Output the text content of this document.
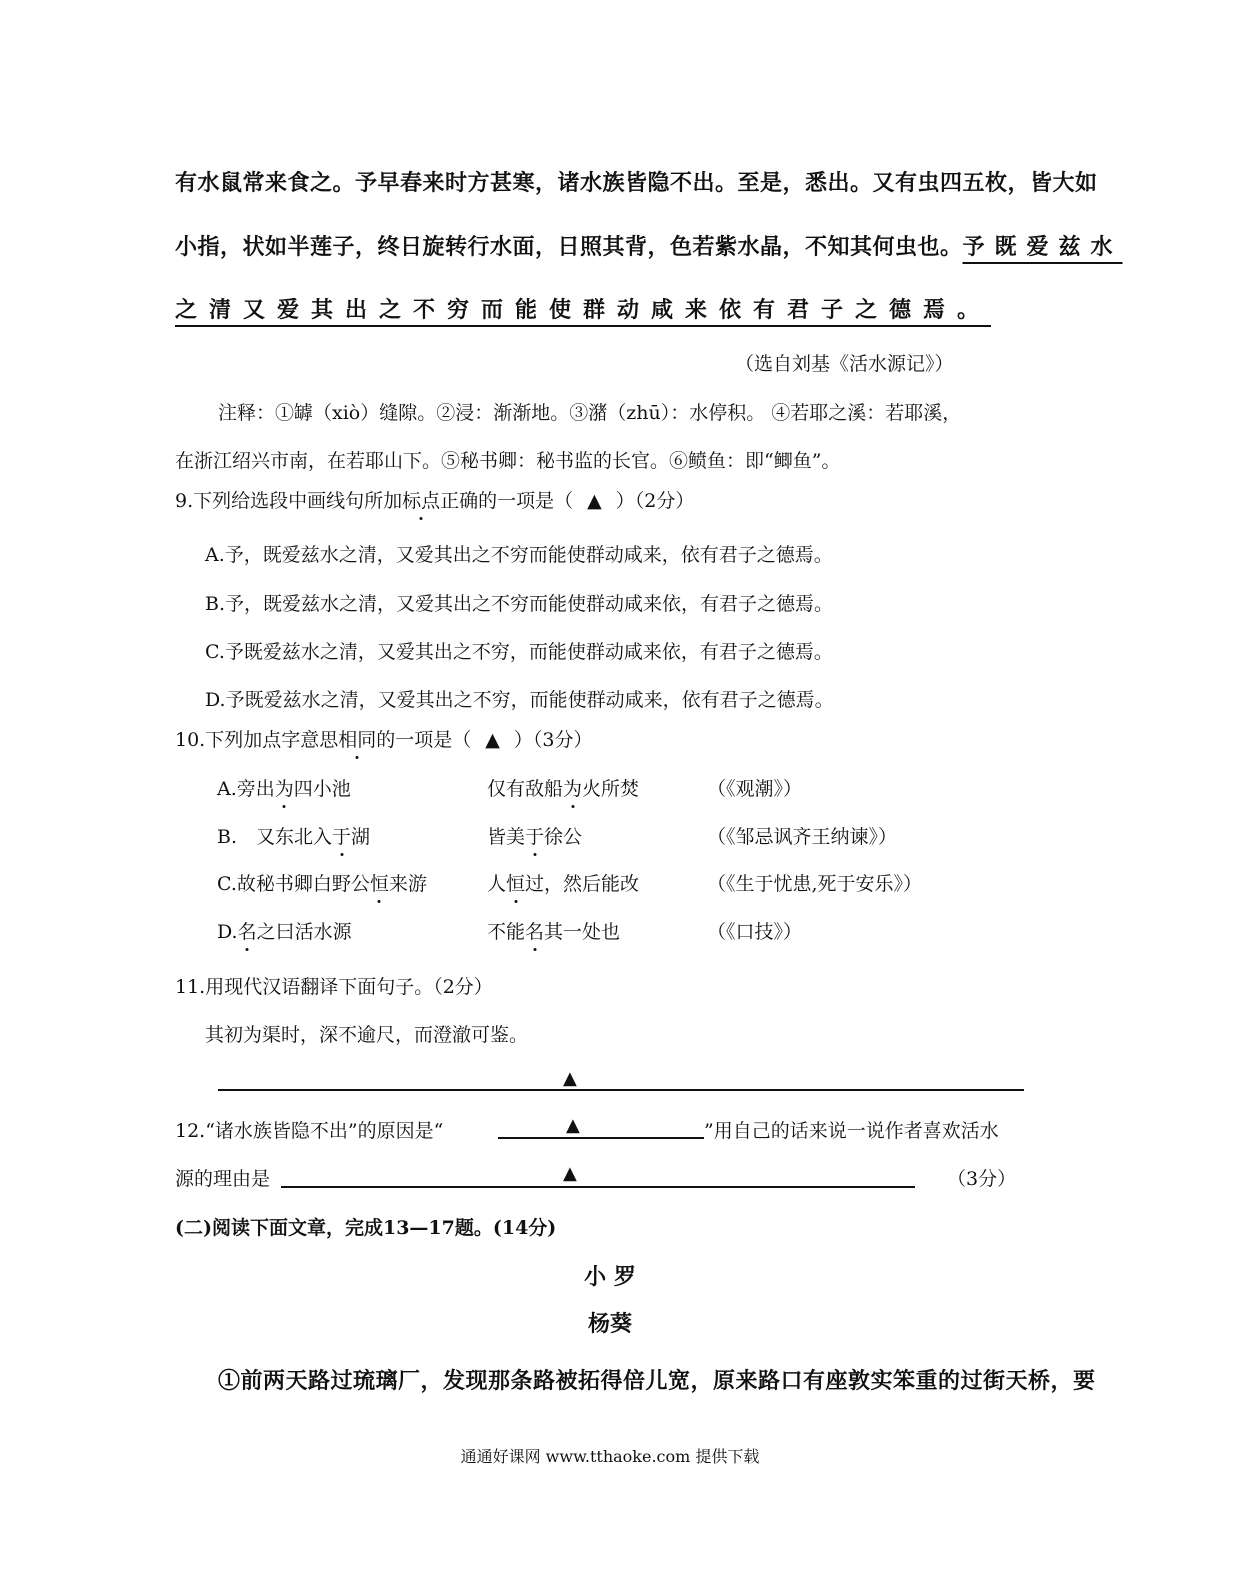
有水鼠常来食之。予早春来时方甚寒，诸水族皆隐不出。至是，悉出。又有虫四五枚，皆大如
小指，状如半莲子，终日旋转行水面，日照其背，色若紫水晶，不知其何虫也。予既爱兹水
之清又爱其出之不穷而能使群动咸来依有君子之德焉。
（选自刘基《活水源记》）
注释：①罅（xiò）缝隙。②浸：渐渐地。③潴（zhū）：水停积。 ④若耶之溪：若耶溪，
在浙江绍兴市南，在若耶山下。⑤秘书卿：秘书监的长官。⑥鲼鱼：即“鲫鱼”。
9.下列给选段中画线句所加标点正确的一项是（ ▲ ）（2分）
A.予，既爱兹水之清，又爱其出之不穷而能使群动咸来，依有君子之德焉。
B.予，既爱兹水之清，又爱其出之不穷而能使群动咸来依，有君子之德焉。
C.予既爱兹水之清，又爱其出之不穷，而能使群动咸来依，有君子之德焉。
D.予既爱兹水之清，又爱其出之不穷，而能使群动咸来，依有君子之德焉。
10.下列加点字意思相同的一项是（ ▲ ）（3分）
A.旁出为四小池	仅有敌船为火所焚	（《观潮》）
B.　又东北入于湖	皆美于徐公	（《邹忌讽齐王纳谏》）
C.故秘书卿白野公恒来游	人恒过，然后能改	（《生于忧患,死于安乐》）
D.名之曰活水源	不能名其一处也	（《口技》）
11.用现代汉语翻译下面句子。（2分）
其初为渠时，深不逾尺，而澄澈可鉴。
▲
12.“诸水族皆隐不出”的原因是“	▲	”用自己的话来说一说作者喜欢活水
源的理由是	▲	（3分）
(二)阅读下面文章，完成13—17题。(14分)
小 罗
杨葵
①前两天路过琉璃厂，发现那条路被拓得倍儿宽，原来路口有座敦实笨重的过街天桥，要
通通好课网 www.tthaoke.com 提供下载
